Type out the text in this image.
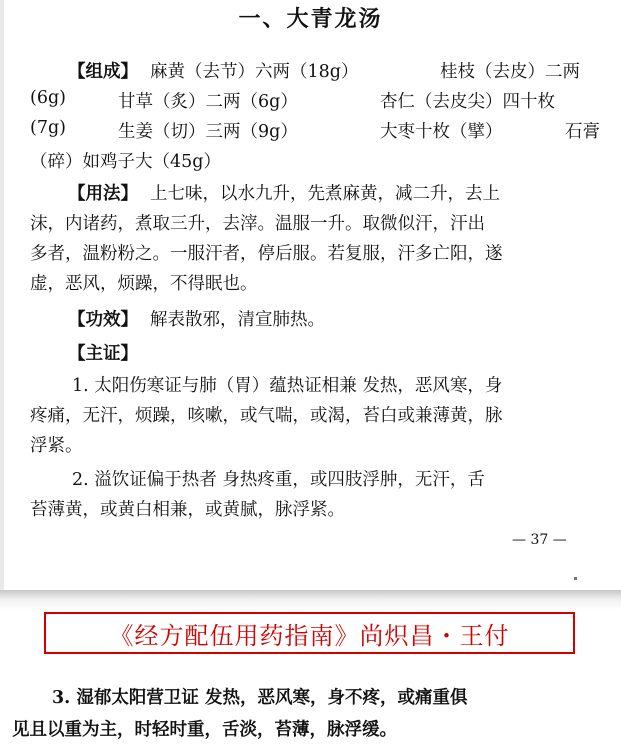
一、大青龙汤
【组成】 麻黄（去节）六两（18g）	桂枝（去皮）二两
(6g)	甘草（炙）二两（6g）	杏仁（去皮尖）四十枚
(7g)	生姜（切）三两（9g）	大枣十枚（擘）	石膏
（碎）如鸡子大（45g）
【用法】 上七味，以水九升，先煮麻黄，减二升，去上
沫，内诸药，煮取三升，去滓。温服一升。取微似汗，汗出
多者，温粉粉之。一服汗者，停后服。若复服，汗多亡阳，遂
虚，恶风，烦躁，不得眠也。
【功效】 解表散邪，清宣肺热。
【主证】
1. 太阳伤寒证与肺（胃）蕴热证相兼 发热，恶风寒，身
疼痛，无汗，烦躁，咳嗽，或气喘，或渴，苔白或兼薄黄，脉
浮紧。
2. 溢饮证偏于热者 身热疼重，或四肢浮肿，无汗，舌
苔薄黄，或黄白相兼，或黄腻，脉浮紧。
— 37 —
《经方配伍用药指南》尚炽昌・王付
3. 湿郁太阳营卫证 发热，恶风寒，身不疼，或痛重俱
见且以重为主，时轻时重，舌淡，苔薄，脉浮缓。
